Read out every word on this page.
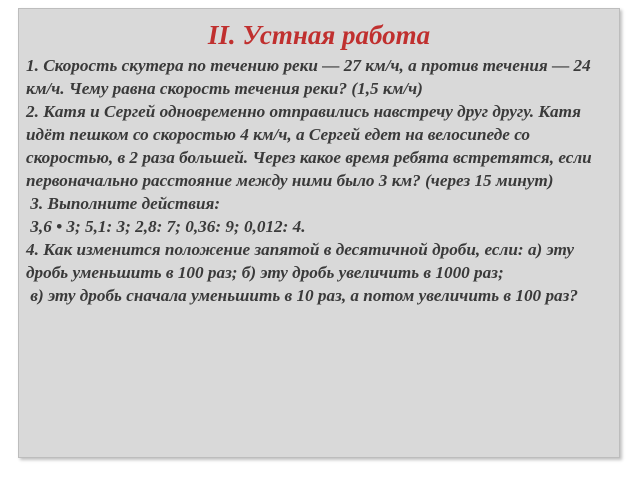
II. Устная работа

1. Скорость скутера по течению реки — 27 км/ч, а против течения — 24 км/ч. Чему равна скорость течения реки? (1,5 км/ч)

2. Катя и Сергей одновременно отправились навстречу друг другу. Катя идёт пешком со скоростью 4 км/ч, а Сергей едет на велосипеде со скоростью, в 2 раза большей. Через какое время ребята встретятся, если первоначально расстояние между ними было 3 км? (через 15 минут)

3. Выполните действия:

3,6 • 3; 5,1: 3; 2,8: 7; 0,36: 9; 0,012: 4.

4. Как изменится положение запятой в десятичной дроби, если: а) эту дробь уменьшить в 100 раз; б) эту дробь увеличить в 1000 раз;

в) эту дробь сначала уменьшить в 10 раз, а потом увеличить в 100 раз?
